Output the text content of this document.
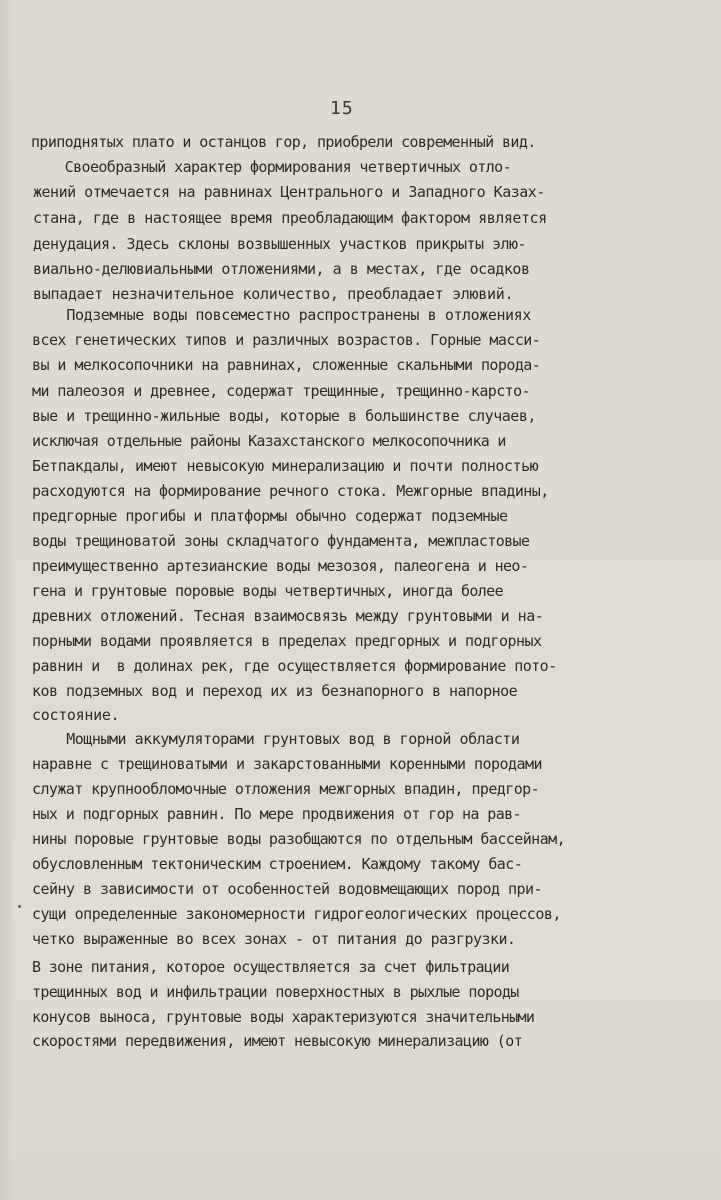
15
приподнятых плато и останцов гор, приобрели современный вид.
Своеобразный характер формирования четвертичных отло-
жений отмечается на равнинах Центрального и Западного Казах-
стана, где в настоящее время преобладающим фактором является
денудация. Здесь склоны возвышенных участков прикрыты элю-
виально-делювиальными отложениями, а в местах, где осадков
выпадает незначительное количество, преобладает элювий.
Подземные воды повсеместно распространены в отложениях
всех генетических типов и различных возрастов. Горные масси-
вы и мелкосопочники на равнинах, сложенные скальными порода-
ми палеозоя и древнее, содержат трещинные, трещинно-карсто-
вые и трещинно-жильные воды, которые в большинстве случаев,
исключая отдельные районы Казахстанского мелкосопочника и
Бетпакдалы, имеют невысокую минерализацию и почти полностью
расходуются на формирование речного стока. Межгорные впадины,
предгорные прогибы и платформы обычно содержат подземные
воды трещиноватой зоны складчатого фундамента, межпластовые
преимущественно артезианские воды мезозоя, палеогена и нео-
гена и грунтовые поровые воды четвертичных, иногда более
древних отложений. Тесная взаимосвязь между грунтовыми и на-
порными водами проявляется в пределах предгорных и подгорных
равнин и  в долинах рек, где осуществляется формирование пото-
ков подземных вод и переход их из безнапорного в напорное
состояние.
Мощными аккумуляторами грунтовых вод в горной области
наравне с трещиноватыми и закарстованными коренными породами
служат крупнообломочные отложения межгорных впадин, предгор-
ных и подгорных равнин. По мере продвижения от гор на рав-
нины поровые грунтовые воды разобщаются по отдельным бассейнам,
обусловленным тектоническим строением. Каждому такому бас-
сейну в зависимости от особенностей водовмещающих пород при-
сущи определенные закономерности гидрогеологических процессов,
четко выраженные во всех зонах - от питания до разгрузки.
В зоне питания, которое осуществляется за счет фильтрации
трещинных вод и инфильтрации поверхностных в рыхлые породы
конусов выноса, грунтовые воды характеризуются значительными
скоростями передвижения, имеют невысокую минерализацию (от
